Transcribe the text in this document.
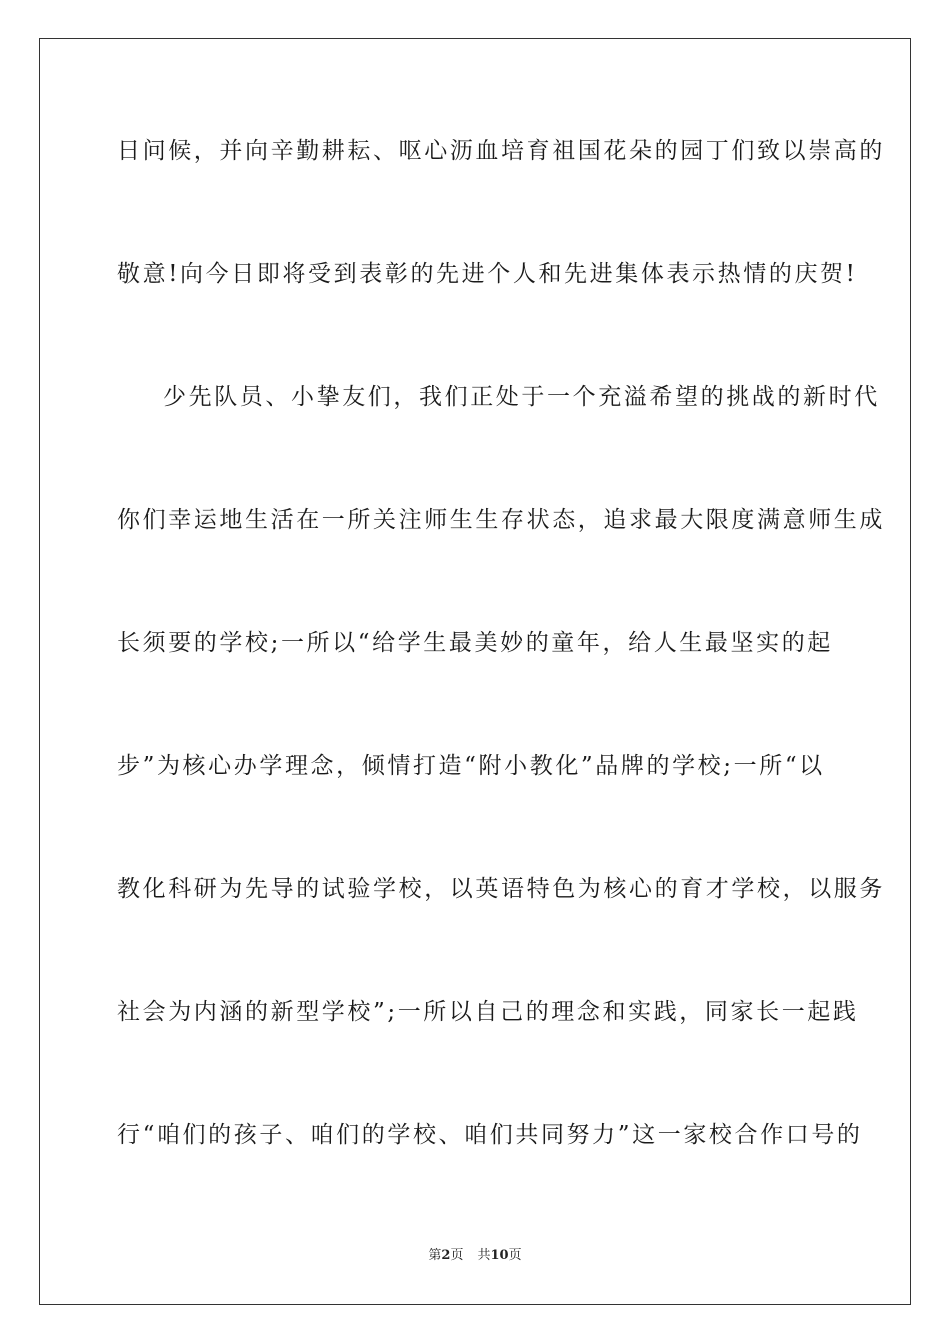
日问候，并向辛勤耕耘、呕心沥血培育祖国花朵的园丁们致以崇高的
敬意!向今日即将受到表彰的先进个人和先进集体表示热情的庆贺!
少先队员、小挚友们，我们正处于一个充溢希望的挑战的新时代
你们幸运地生活在一所关注师生生存状态，追求最大限度满意师生成
长须要的学校;一所以“给学生最美妙的童年，给人生最坚实的起
步”为核心办学理念，倾情打造“附小教化”品牌的学校;一所“以
教化科研为先导的试验学校，以英语特色为核心的育才学校，以服务
社会为内涵的新型学校”;一所以自己的理念和实践，同家长一起践
行“咱们的孩子、咱们的学校、咱们共同努力”这一家校合作口号的
第2页 共10页
